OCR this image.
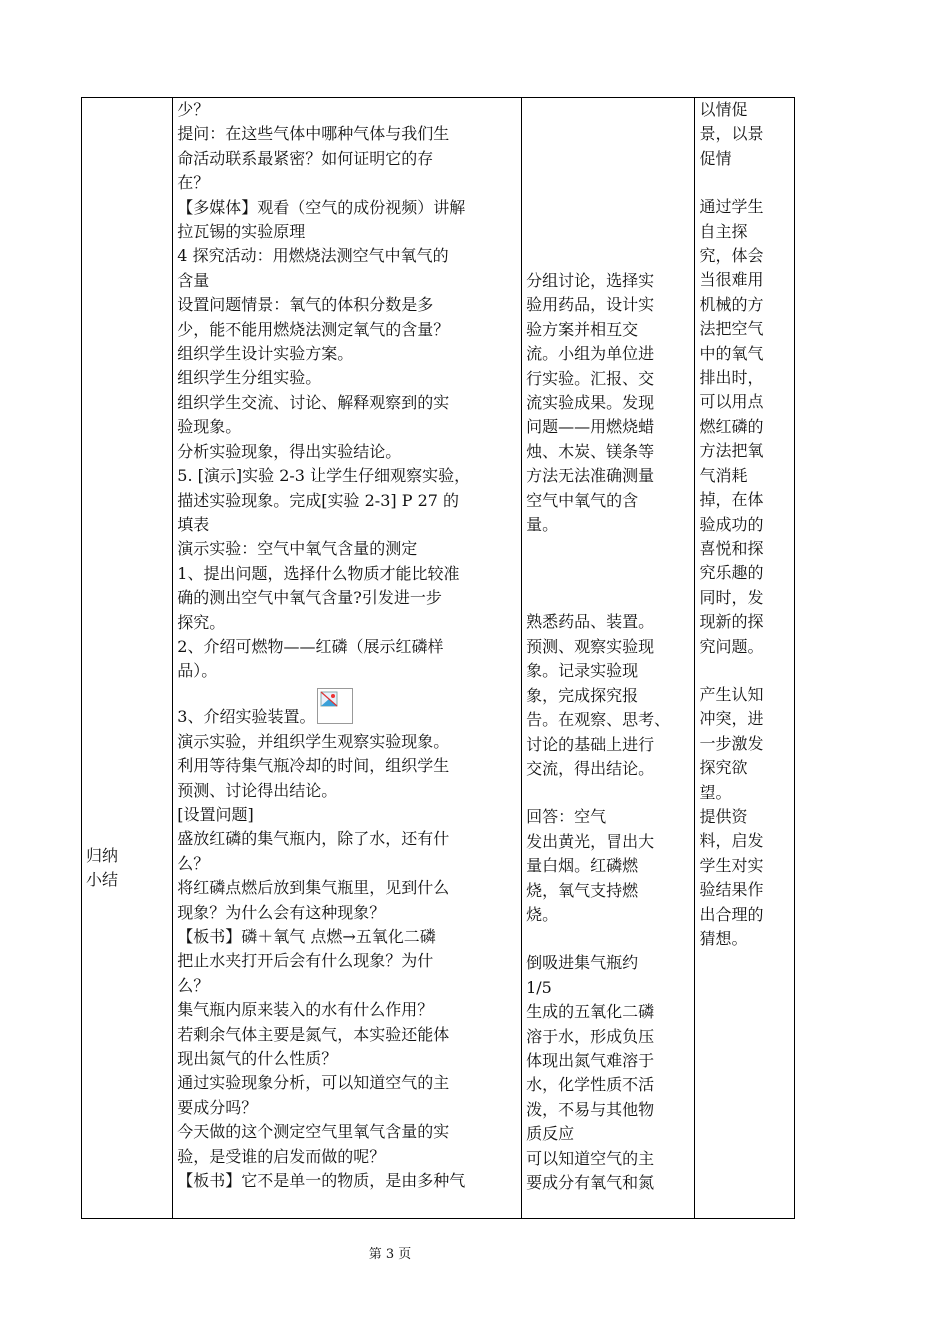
归纳
小结

少？
提问：在这些气体中哪种气体与我们生
命活动联系最紧密？如何证明它的存
在？
【多媒体】观看（空气的成份视频）讲解
拉瓦锡的实验原理
4 探究活动：用燃烧法测空气中氧气的
含量
设置问题情景：氧气的体积分数是多
少，能不能用燃烧法测定氧气的含量？
组织学生设计实验方案。
组织学生分组实验。
组织学生交流、讨论、解释观察到的实
验现象。
分析实验现象，得出实验结论。
5. [演示]实验 2-3 让学生仔细观察实验，
描述实验现象。完成[实验 2-3] P 27 的
填表
演示实验：空气中氧气含量的测定
1、提出问题，选择什么物质才能比较准
确的测出空气中氧气含量?引发进一步
探究。
2、介绍可燃物——红磷（展示红磷样
品）。
3、介绍实验装置。
演示实验，并组织学生观察实验现象。
利用等待集气瓶冷却的时间，组织学生
预测、讨论得出结论。
[设置问题]
盛放红磷的集气瓶内，除了水，还有什
么？
将红磷点燃后放到集气瓶里，见到什么
现象？为什么会有这种现象？
【板书】磷＋氧气 点燃→五氧化二磷
把止水夹打开后会有什么现象？为什
么？
集气瓶内原来装入的水有什么作用？
若剩余气体主要是氮气，本实验还能体
现出氮气的什么性质？
通过实验现象分析，可以知道空气的主
要成分吗？
今天做的这个测定空气里氧气含量的实
验，是受谁的启发而做的呢？
【板书】它不是单一的物质，是由多种气

分组讨论，选择实
验用药品，设计实
验方案并相互交
流。小组为单位进
行实验。汇报、交
流实验成果。发现
问题——用燃烧蜡
烛、木炭、镁条等
方法无法准确测量
空气中氧气的含
量。
熟悉药品、装置。
预测、观察实验现
象。记录实验现
象，完成探究报
告。在观察、思考、
讨论的基础上进行
交流，得出结论。
回答：空气
发出黄光，冒出大
量白烟。红磷燃
烧，氧气支持燃
烧。
倒吸进集气瓶约
1/5
生成的五氧化二磷
溶于水，形成负压
体现出氮气难溶于
水，化学性质不活
泼，不易与其他物
质反应
可以知道空气的主
要成分有氧气和氮

以情促
景，以景
促情
通过学生
自主探
究，体会
当很难用
机械的方
法把空气
中的氧气
排出时，
可以用点
燃红磷的
方法把氧
气消耗
掉，在体
验成功的
喜悦和探
究乐趣的
同时，发
现新的探
究问题。
产生认知
冲突，进
一步激发
探究欲
望。
提供资
料，启发
学生对实
验结果作
出合理的
猜想。
第 3 页
